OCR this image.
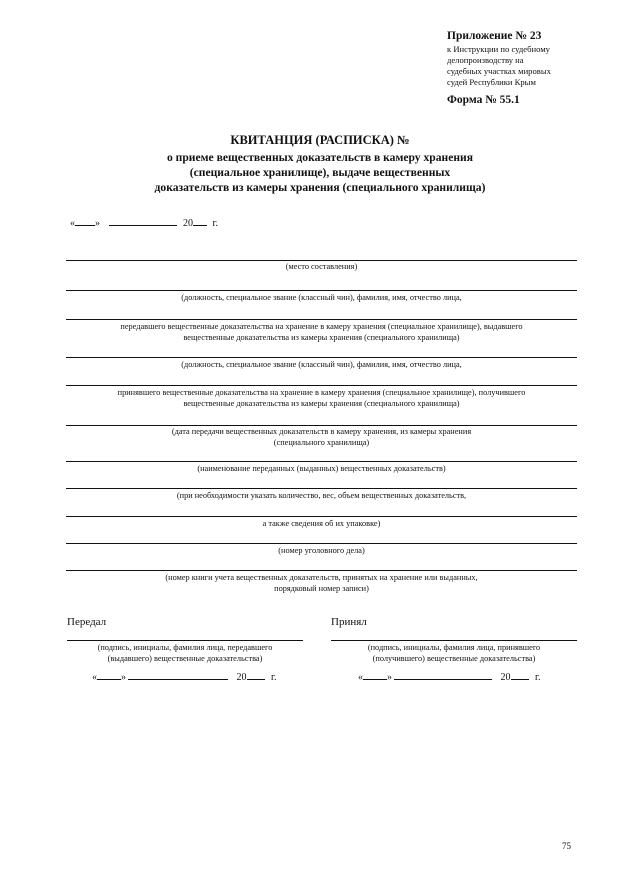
Приложение № 23
к Инструкции по судебному
делопроизводству на
судебных участках мировых
судей Республики Крым
Форма № 55.1
КВИТАНЦИЯ (РАСПИСКА) №
о приеме вещественных доказательств в камеру хранения
(специальное хранилище), выдаче вещественных
доказательств из камеры хранения (специального хранилища)
« »	20 г.
(место составления)
(должность, специальное звание (классный чин), фамилия, имя, отчество лица,
передавшего вещественные доказательства на хранение в камеру хранения (специальное хранилище), выдавшего
вещественные доказательства из камеры хранения (специального хранилища)
(должность, специальное звание (классный чин), фамилия, имя, отчество лица,
принявшего вещественные доказательства на хранение в камеру хранения (специальное хранилище), получившего
вещественные доказательства из камеры хранения (специального хранилища)
(дата передачи вещественных доказательств в камеру хранения, из камеры хранения
(специального хранилища)
(наименование переданных (выданных) вещественных доказательств)
(при необходимости указать количество, вес, объем вещественных доказательств,
а также сведения об их упаковке)
(номер уголовного дела)
(номер книги учета вещественных доказательств, принятых на хранение или выданных,
порядковый номер записи)
Передал
(подпись, инициалы, фамилия лица, передавшего
(выдавшего) вещественные доказательства)
« »	20 г.
Принял
(подпись, инициалы, фамилия лица, принявшего
(получившего) вещественные доказательства)
« »	20 г.
75
